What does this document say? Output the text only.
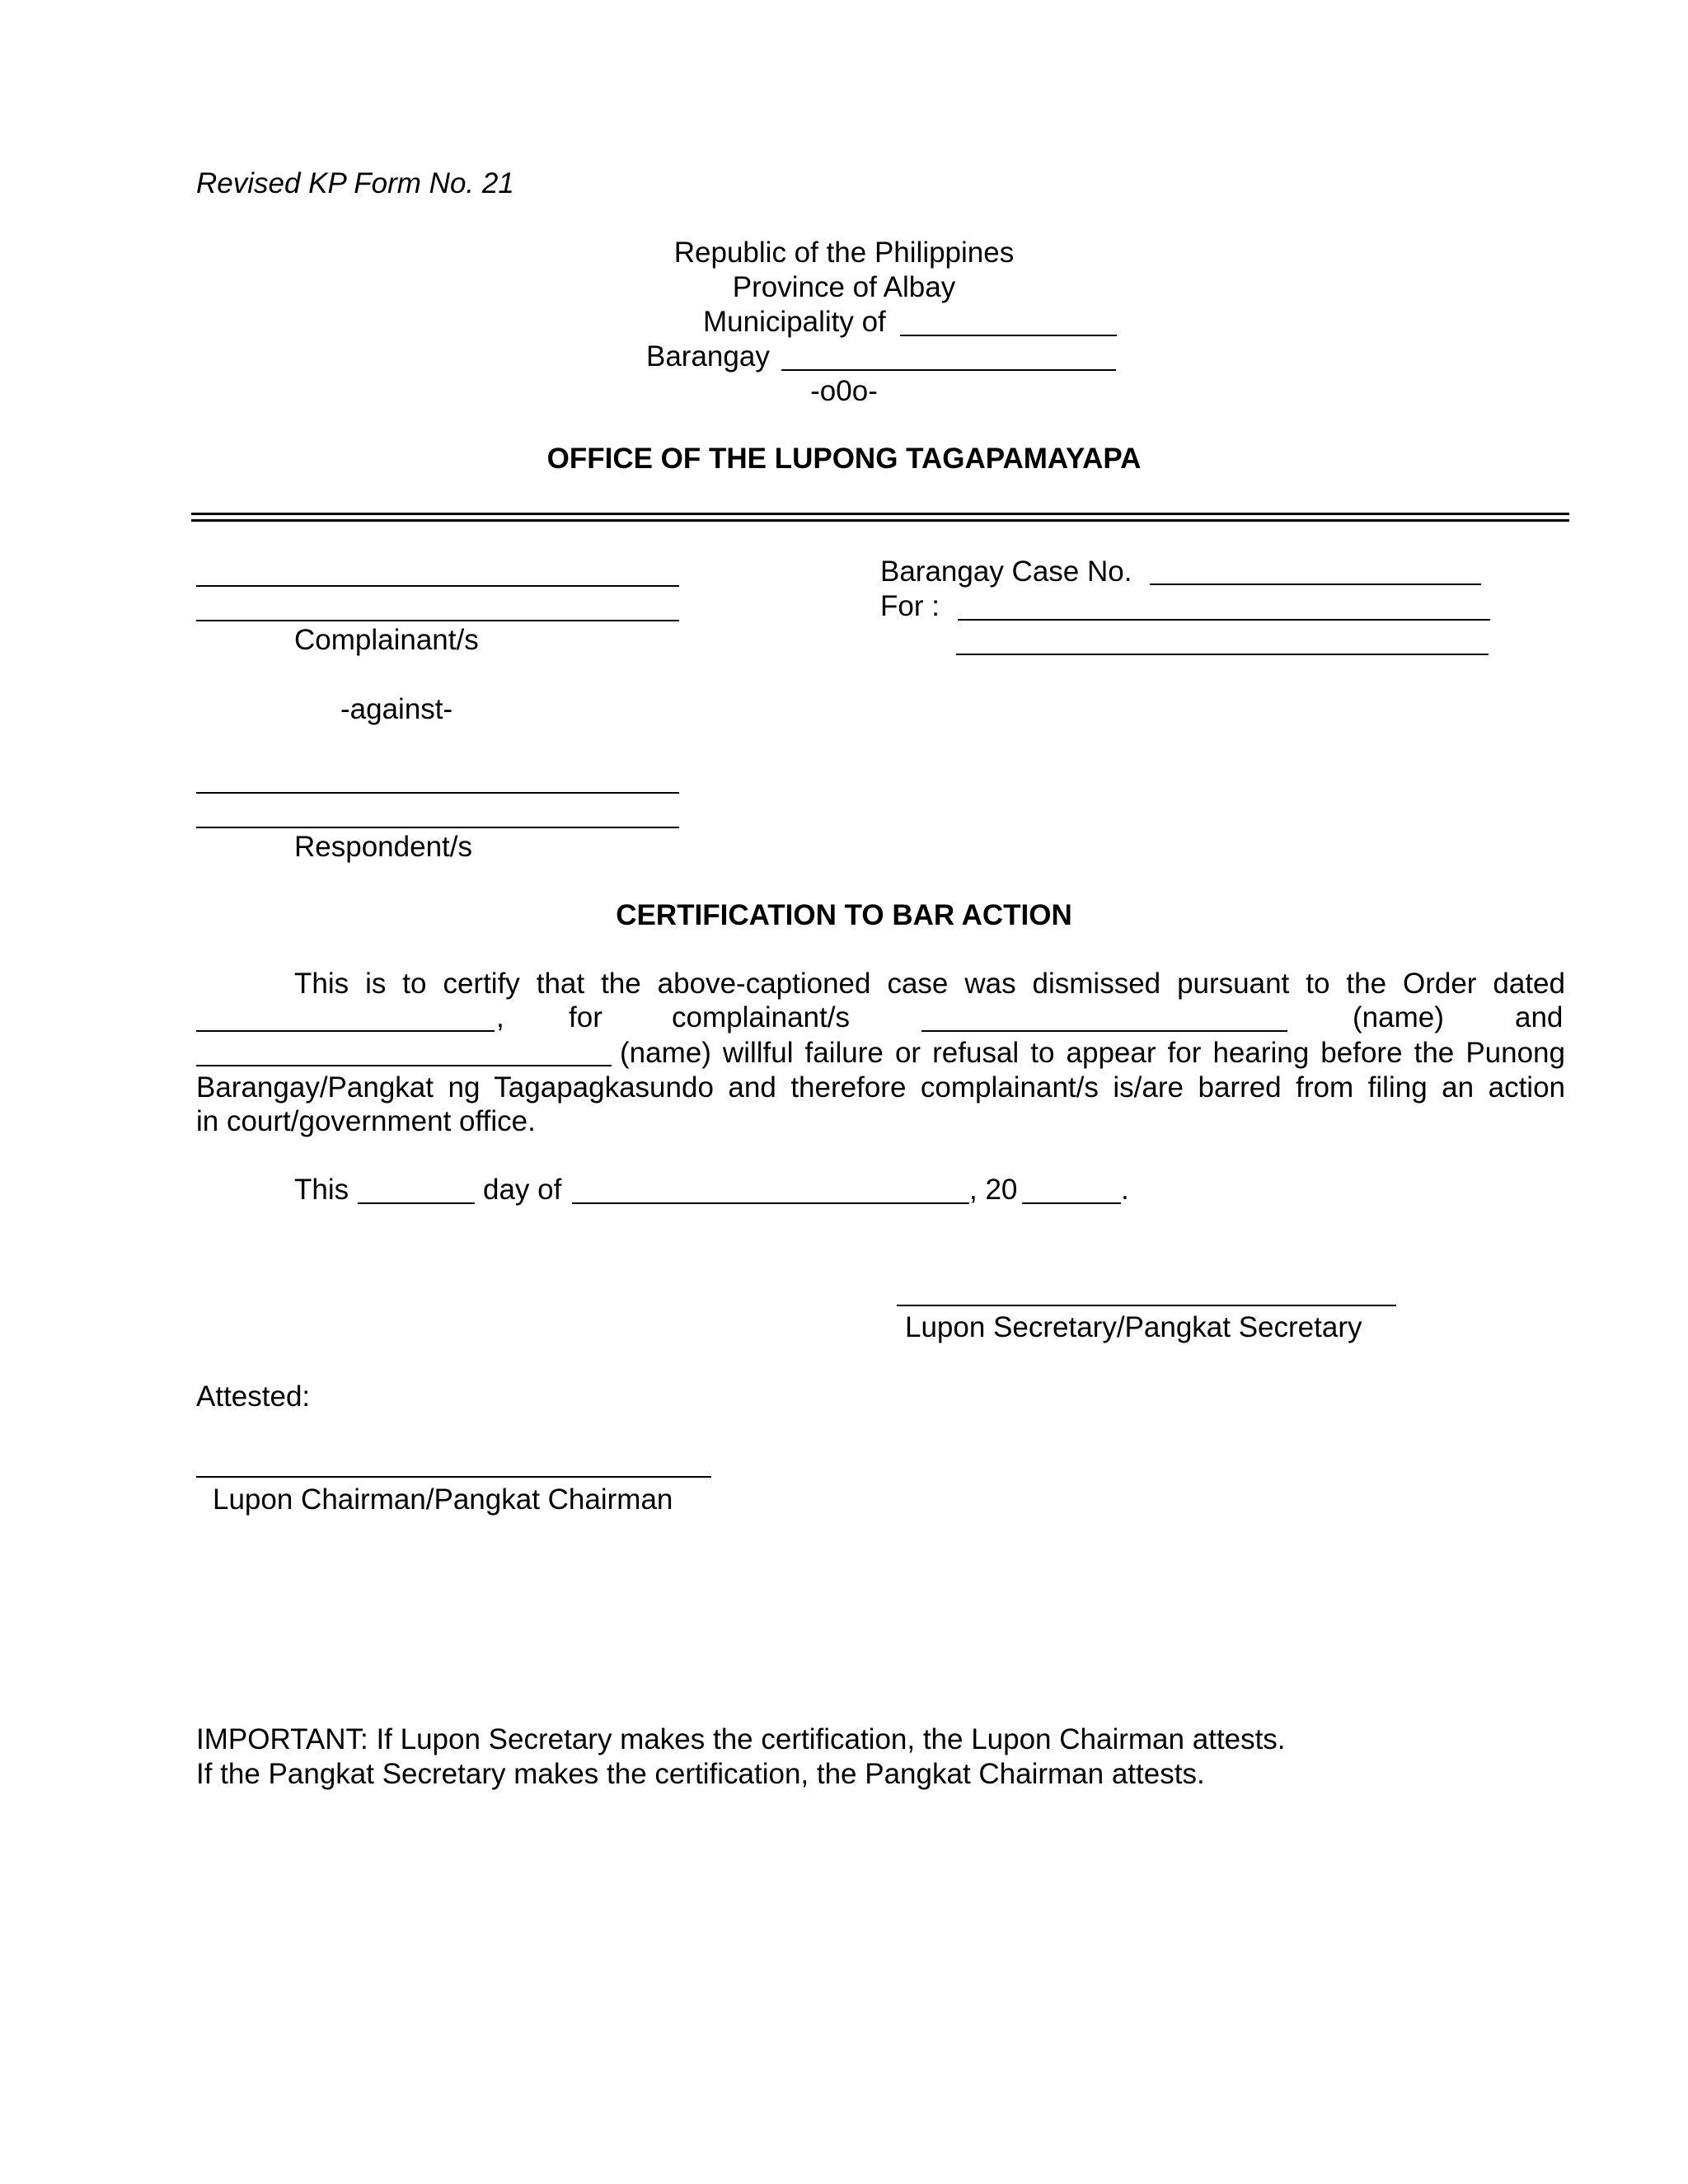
Revised KP Form No. 21
Republic of the Philippines
Province of Albay
Municipality of
Barangay
-o0o-
OFFICE OF THE LUPONG TAGAPAMAYAPA
Complainant/s
-against-
Respondent/s
Barangay Case No.
For :
CERTIFICATION TO BAR ACTION
This is to certify that the above-captioned case was dismissed pursuant to the Order dated
, for complainant/s	(name) and
(name) willful failure or refusal to appear for hearing before the Punong
Barangay/Pangkat ng Tagapagkasundo and therefore complainant/s is/are barred from filing an action
in court/government office.
This	day of	, 20	.
Lupon Secretary/Pangkat Secretary
Attested:
Lupon Chairman/Pangkat Chairman
IMPORTANT: If Lupon Secretary makes the certification, the Lupon Chairman attests.
If the Pangkat Secretary makes the certification, the Pangkat Chairman attests.
